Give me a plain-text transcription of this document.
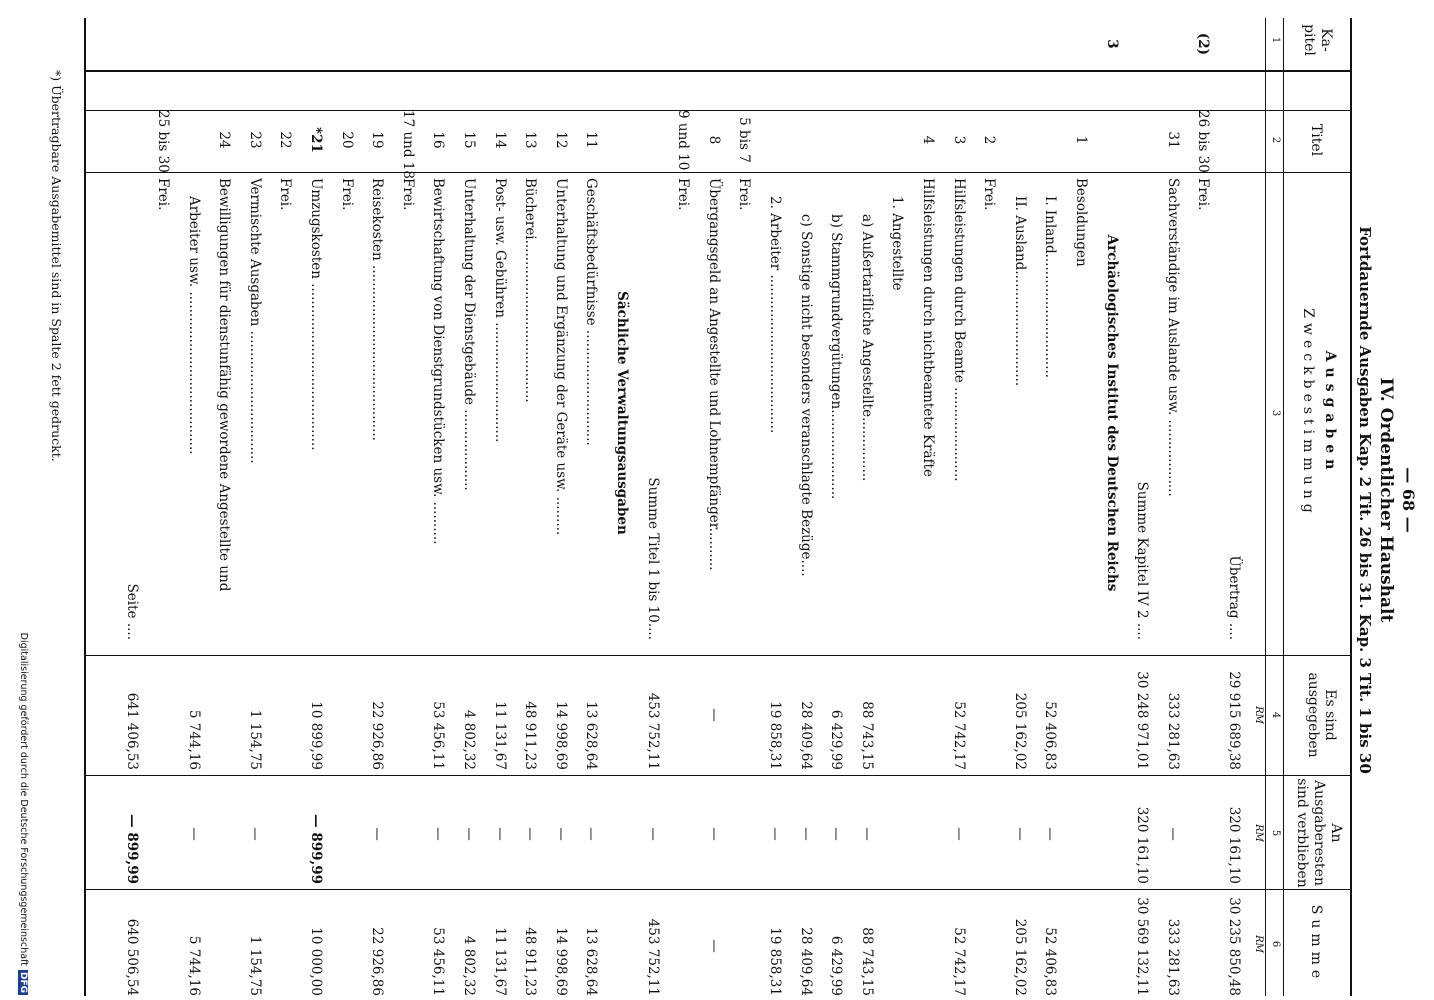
— 68 —
IV. Ordentlicher Haushalt
Fortdauernde Ausgaben Kap. 2 Tit. 26 bis 31. Kap. 3 Tit. 1 bis 30
Ka- pitel
Titel
Ausgaben
Zweckbestimmung
Es sind ausgegeben
An Ausgaberesten sind verblieben
Summe
1
2
3
4
5
6
RM
RM
RM
Übertrag ....
29 915 689,38
320 161,10
30 235 850,48
(2)
26 bis 30
Frei.
31
Sachverständige im Auslande usw. ..................
333 281,63
—
333 281,63
Summe Kapitel IV 2 ....
30 248 971,01
320 161,10
30 569 132,11
3
Archäologisches Institut des Deutschen Reichs
1
Besoldungen
I. Inland.............................
52 406,83
—
52 406,83
II. Ausland...........................
205 162,02
—
205 162,02
2
Frei.
3
Hilfsleistungen durch Beamte ......................
52 742,17
—
52 742,17
4
Hilfsleistungen durch nichtbeamtete Kräfte
1. Angestellte
a) Außertarifliche Angestellte...............
88 743,15
—
88 743,15
b) Stammgrundvergütungen.....................
6 429,99
—
6 429,99
c) Sonstige nicht besonders veranschlagte Bezüge....
28 409,64
—
28 409,64
2. Arbeiter .....................................
19 858,31
—
19 858,31
5 bis 7
Frei.
8
Übergangsgeld an Angestellte und Lohnempfänger..........
—
—
—
9 und 10
Frei.
Summe Titel 1 bis 10....
453 752,11
—
453 752,11
Sächliche Verwaltungsausgaben
11
Geschäftsbedürfnisse ...........................
13 628,64
—
13 628,64
12
Unterhaltung und Ergänzung der Geräte usw. .........
14 998,69
—
14 998,69
13
Bücherei......................................
48 911,23
—
48 911,23
14
Post- usw. Gebühren ............................
11 131,67
—
11 131,67
15
Unterhaltung der Dienstgebäude ...................
4 802,32
—
4 802,32
16
Bewirtschaftung von Dienstgrundstücken usw. ..........
53 456,11
—
53 456,11
17 und 18
Frei.
19
Reisekosten .........................................
22 926,86
—
22 926,86
20
Frei.
*21
Umzugskosten .......................................
10 899,99
— 899,99
10 000,00
22
Frei.
23
Vermischte Ausgaben ...............................
1 154,75
—
1 154,75
24
Bewilligungen für dienstunfähig gewordene Angestellte und
Arbeiter usw. ......................................
5 744,16
—
5 744,16
25 bis 30
Frei.
Seite ....
641 406,53
— 899,99
640 506,54
*) Übertragbare Ausgabemittel sind in Spalte 2 fett gedruckt.
Digitalisierung gefördert durch die Deutsche ForschungsgemeinschaftDFG
